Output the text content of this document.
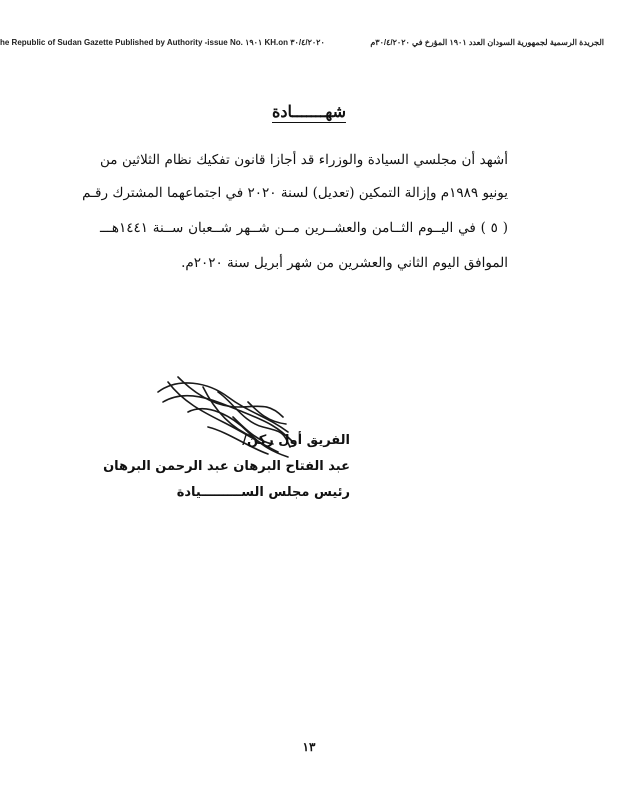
he Republic of Sudan Gazette Published by Authority -issue No. ١٩٠١ KH.on ٣٠/٤/٢٠٢٠	الجريدة الرسمية لجمهورية السودان العدد ١٩٠١ المؤرخ في ٣٠/٤/٢٠٢٠م
شهـــــــادة
أشهد أن مجلسي السيادة والوزراء قد أجازا قانون تفكيك نظام الثلاثين من
يونيو ١٩٨٩م وإزالة التمكين (تعديل) لسنة ٢٠٢٠ في اجتماعهما المشترك رقـم
( ٥ ) في اليــوم الثــامن والعشــرين مــن شــهر شــعبان ســنة ١٤٤١هـــ
الموافق اليوم الثاني والعشرين من شهر أبريل سنة ٢٠٢٠م.
الفريق أول ركن/
عبد الفتاح البرهان عبد الرحمن البرهان
رئيس مجلس الســـــــــيادة
١٣
